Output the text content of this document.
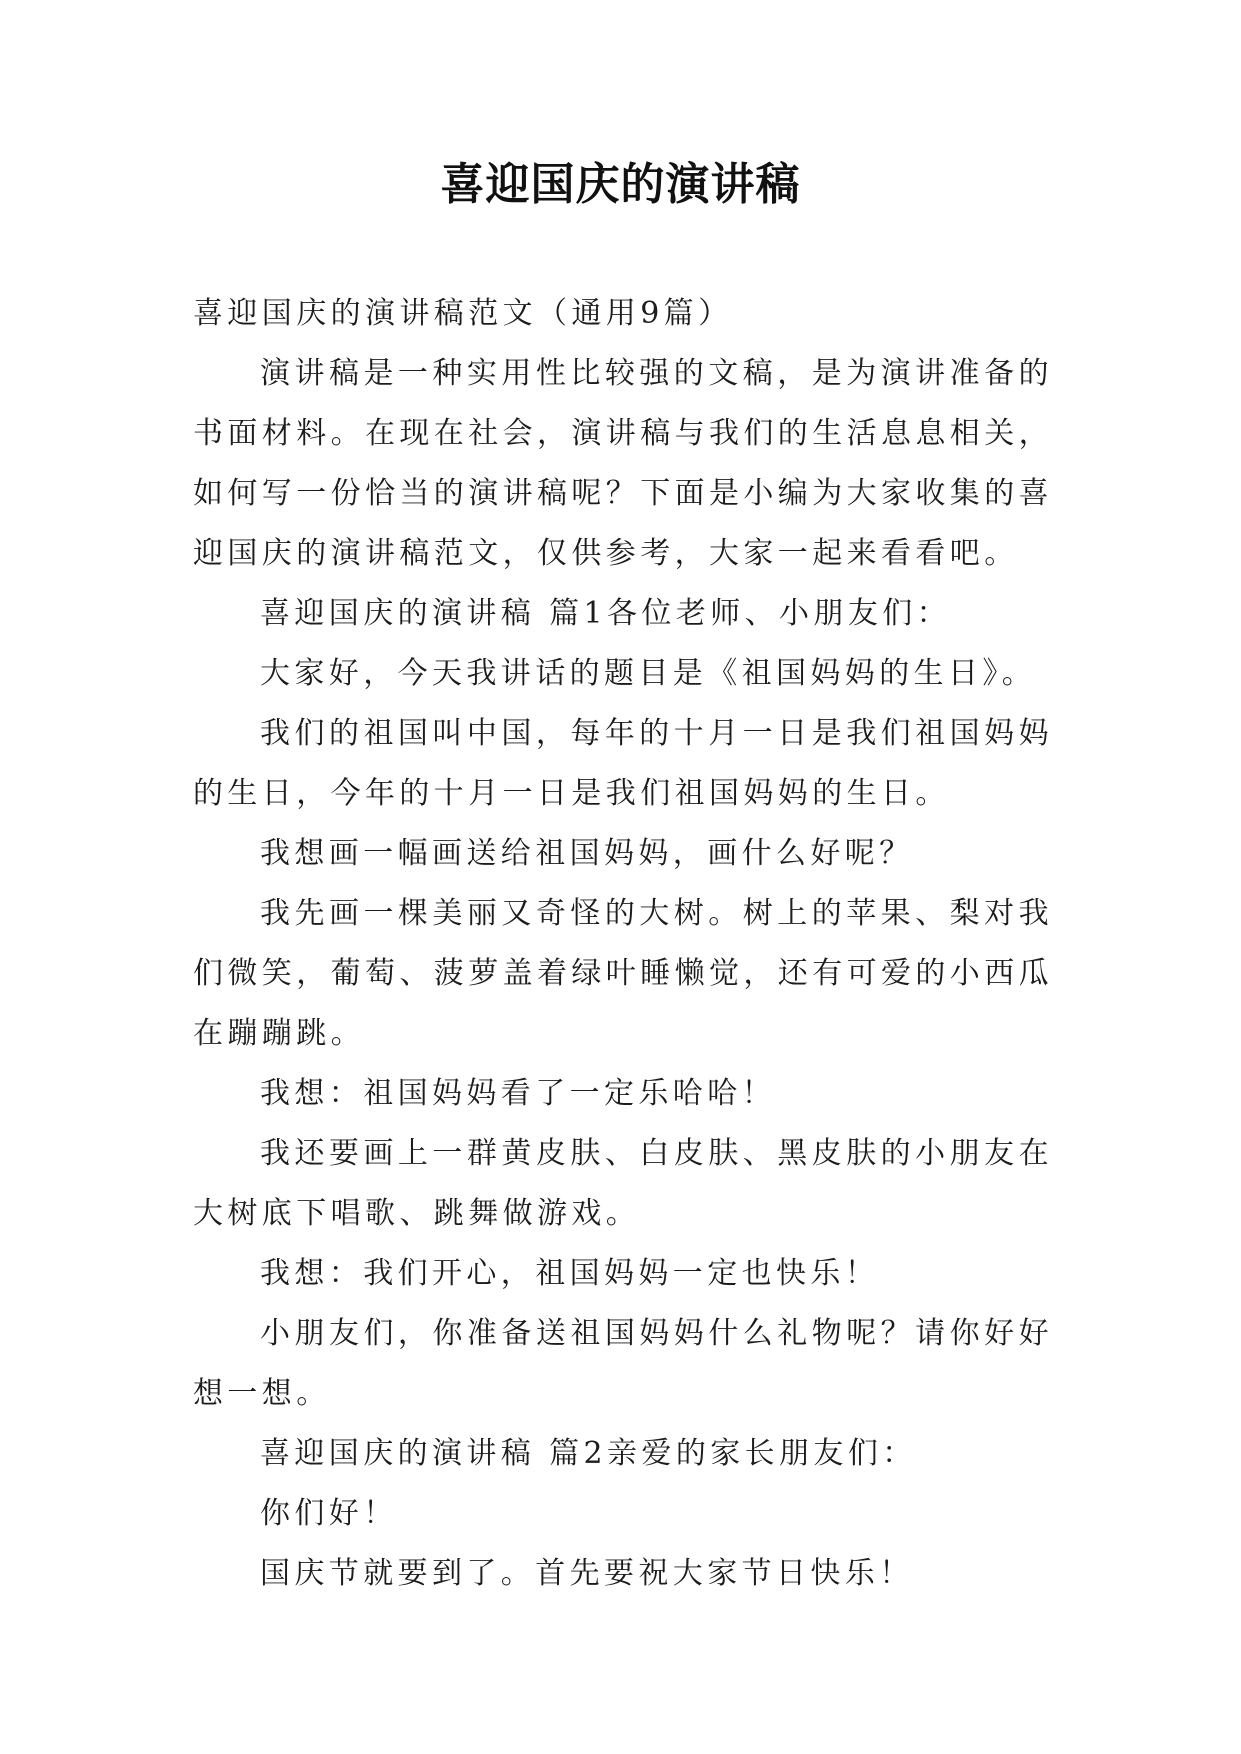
喜迎国庆的演讲稿

喜迎国庆的演讲稿范文（通用9篇）

演讲稿是一种实用性比较强的文稿，是为演讲准备的书面材料。在现在社会，演讲稿与我们的生活息息相关，如何写一份恰当的演讲稿呢？下面是小编为大家收集的喜迎国庆的演讲稿范文，仅供参考，大家一起来看看吧。

喜迎国庆的演讲稿 篇1各位老师、小朋友们：

大家好，今天我讲话的题目是《祖国妈妈的生日》。

我们的祖国叫中国，每年的十月一日是我们祖国妈妈的生日，今年的十月一日是我们祖国妈妈的生日。

我想画一幅画送给祖国妈妈，画什么好呢？

我先画一棵美丽又奇怪的大树。树上的苹果、梨对我们微笑，葡萄、菠萝盖着绿叶睡懒觉，还有可爱的小西瓜在蹦蹦跳。

我想：祖国妈妈看了一定乐哈哈！

我还要画上一群黄皮肤、白皮肤、黑皮肤的小朋友在大树底下唱歌、跳舞做游戏。

我想：我们开心，祖国妈妈一定也快乐！

小朋友们，你准备送祖国妈妈什么礼物呢？请你好好想一想。

喜迎国庆的演讲稿 篇2亲爱的家长朋友们：

你们好！

国庆节就要到了。首先要祝大家节日快乐！
